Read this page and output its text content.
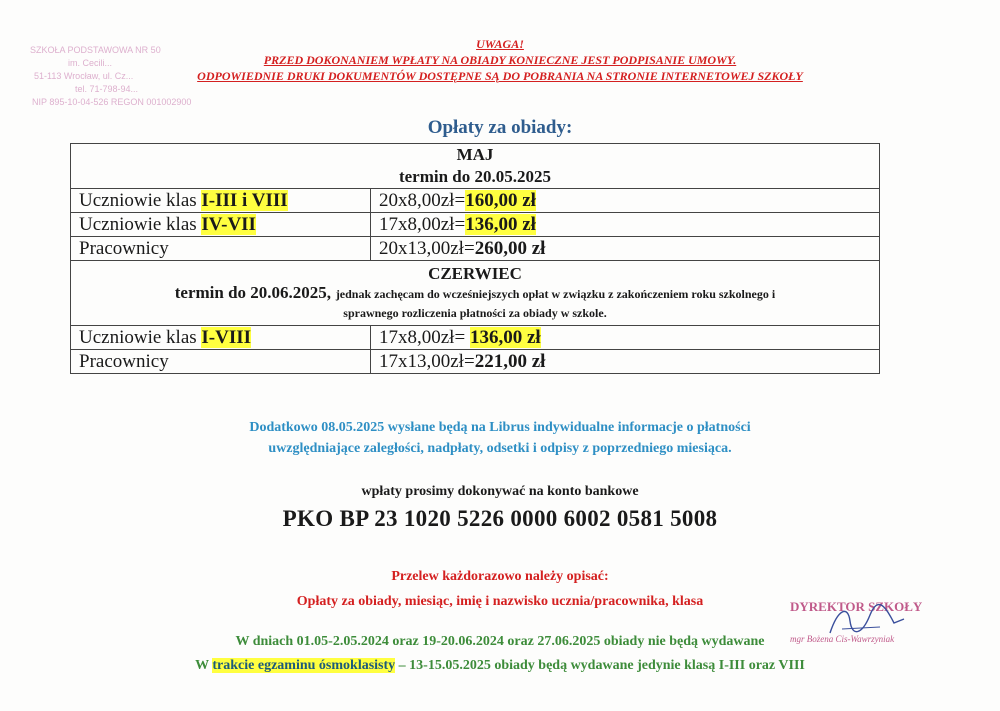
SZKOŁA PODSTAWOWA NR 50
im. Cecili...
51-113 Wrocław, ul. Cz...
tel. 71-798-94...
NIP 895-10-04-526 REGON 001002900
UWAGA!
PRZED DOKONANIEM WPŁATY NA OBIADY KONIECZNE JEST PODPISANIE UMOWY.
ODPOWIEDNIE DRUKI DOKUMENTÓW DOSTĘPNE SĄ DO POBRANIA NA STRONIE INTERNETOWEJ SZKOŁY
Opłaty za obiady:
MAJ
termin do 20.05.2025	

Uczniowie klas I-III i VIII	20x8,00zł=160,00 zł
Uczniowie klas IV-VII	17x8,00zł=136,00 zł
Pracownicy	20x13,00zł=260,00 zł

CZERWIEC
termin do 20.06.2025, jednak zachęcam do wcześniejszych opłat w związku z zakończeniem roku szkolnego i
sprawnego rozliczenia płatności za obiady w szkole.	

Uczniowie klas I-VIII	17x8,00zł= 136,00 zł
Pracownicy	17x13,00zł=221,00 zł
Dodatkowo 08.05.2025 wysłane będą na Librus indywidualne informacje o płatności
uwzględniające zaległości, nadpłaty, odsetki i odpisy z poprzedniego miesiąca.
wpłaty prosimy dokonywać na konto bankowe
PKO BP 23 1020 5226 0000 6002 0581 5008
Przelew każdorazowo należy opisać:
Opłaty za obiady, miesiąc, imię i nazwisko ucznia/pracownika, klasa	DYREKTOR SZKOŁY
mgr Bożena Cis-Wawrzyniak
W dniach 01.05-2.05.2024 oraz 19-20.06.2024 oraz 27.06.2025 obiady nie będą wydawane
W trakcie egzaminu ósmoklasisty – 13-15.05.2025 obiady będą wydawane jedynie klasą I-III oraz VIII
